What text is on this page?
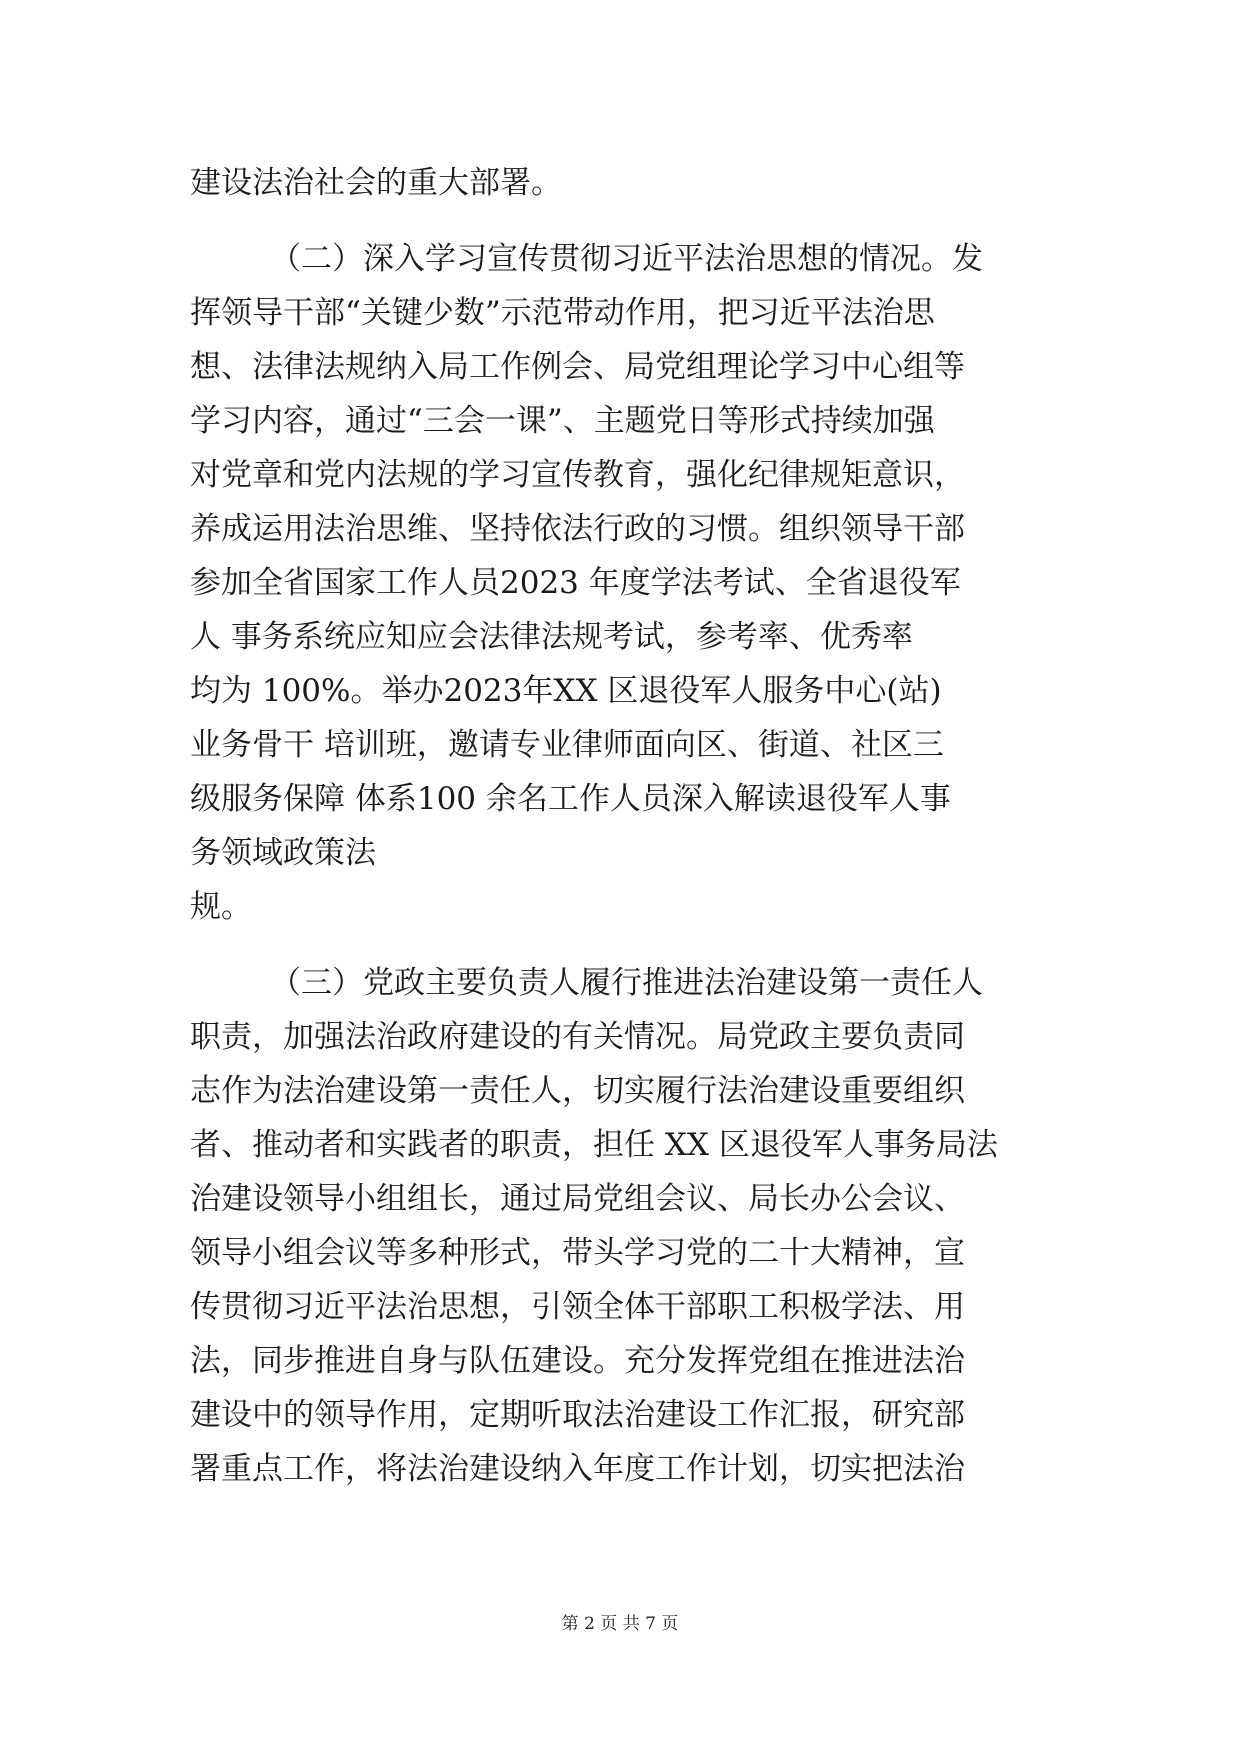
建设法治社会的重大部署。
（二）深入学习宣传贯彻习近平法治思想的情况。发
挥领导干部“关键少数”示范带动作用，把习近平法治思
想、法律法规纳入局工作例会、局党组理论学习中心组等
学习内容，通过“三会一课”、主题党日等形式持续加强
对党章和党内法规的学习宣传教育，强化纪律规矩意识，
养成运用法治思维、坚持依法行政的习惯。组织领导干部
参加全省国家工作人员2023 年度学法考试、全省退役军
人 事务系统应知应会法律法规考试，参考率、优秀率
均为 100%。举办2023年XX 区退役军人服务中心(站)
业务骨干 培训班，邀请专业律师面向区、街道、社区三
级服务保障 体系100 余名工作人员深入解读退役军人事
务领域政策法
规。
（三）党政主要负责人履行推进法治建设第一责任人
职责，加强法治政府建设的有关情况。局党政主要负责同
志作为法治建设第一责任人，切实履行法治建设重要组织
者、推动者和实践者的职责，担任 XX 区退役军人事务局法
治建设领导小组组长，通过局党组会议、局长办公会议、
领导小组会议等多种形式，带头学习党的二十大精神，宣
传贯彻习近平法治思想，引领全体干部职工积极学法、用
法，同步推进自身与队伍建设。充分发挥党组在推进法治
建设中的领导作用，定期听取法治建设工作汇报，研究部
署重点工作，将法治建设纳入年度工作计划，切实把法治
第 2 页 共 7 页
